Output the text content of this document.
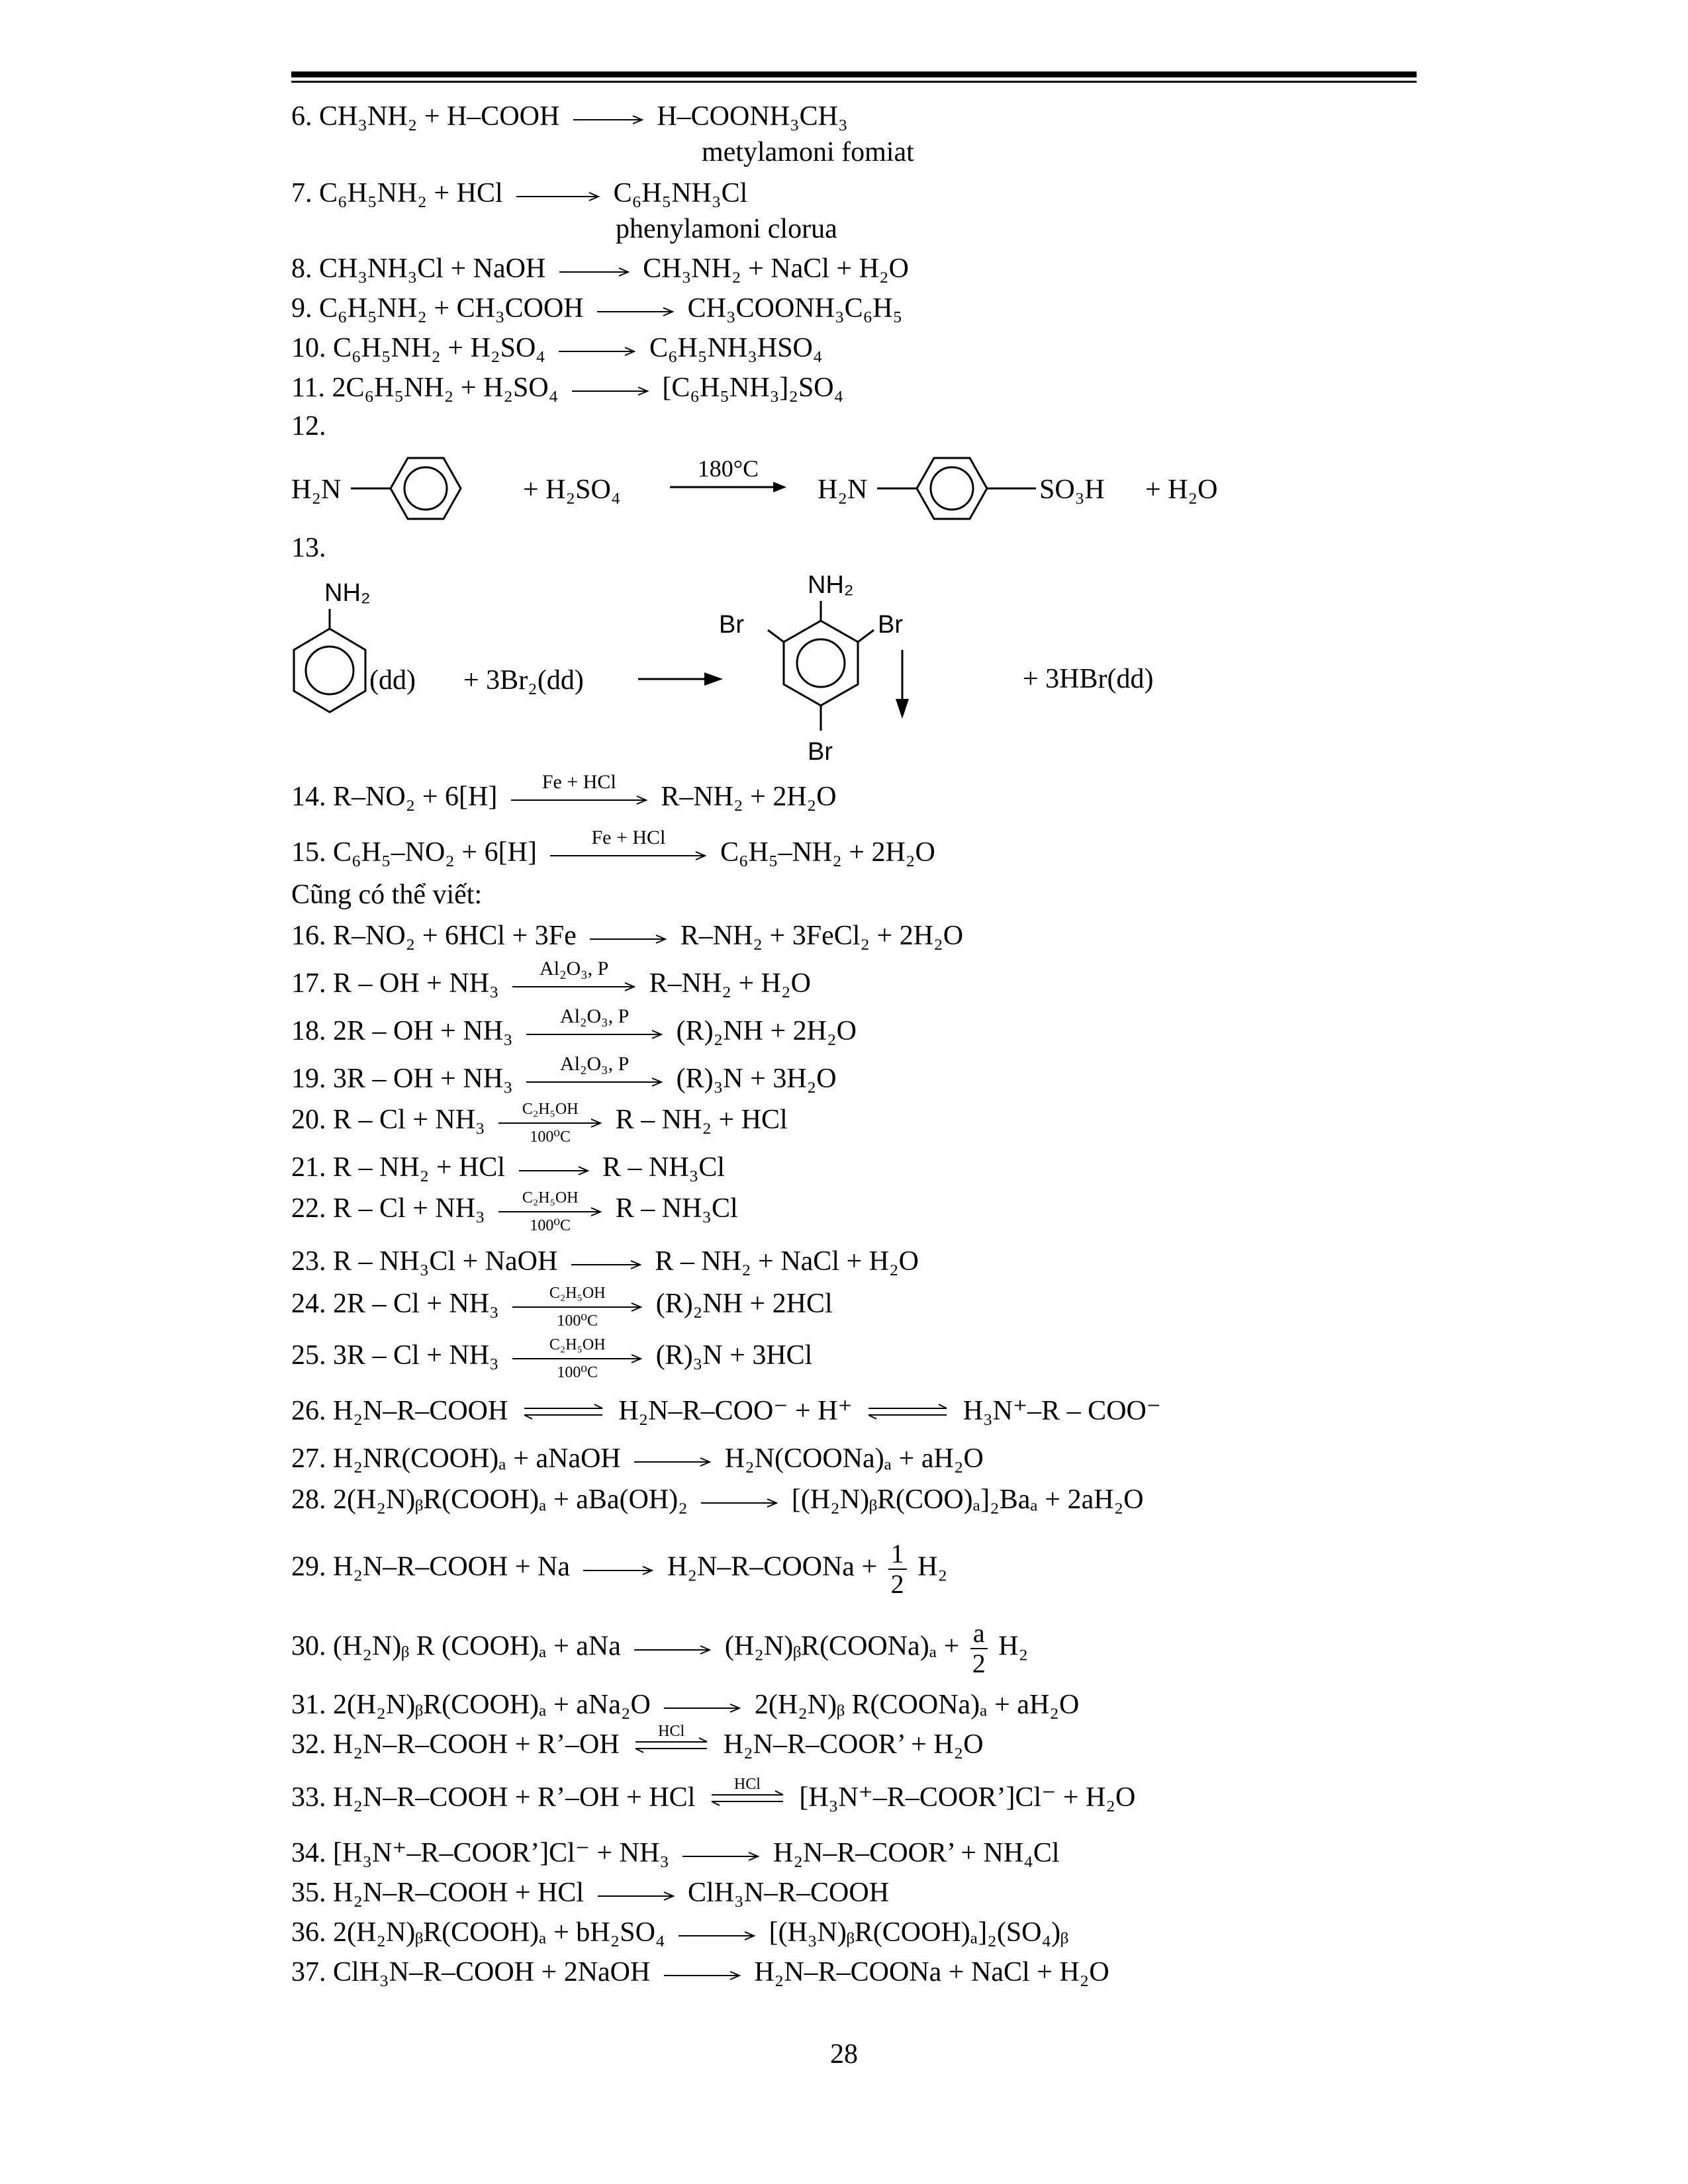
6. CH₃NH₂ + H–COOH → H–COONH₃CH₃
metylamoni fomiat
7. C₆H₅NH₂ + HCl → C₆H₅NH₃Cl
phenylamoni clorua
8. CH₃NH₃Cl + NaOH → CH₃NH₂ + NaCl + H₂O
9. C₆H₅NH₂ + CH₃COOH → CH₃COONH₃C₆H₅
10. C₆H₅NH₂ + H₂SO₄ → C₆H₅NH₃HSO₄
11. 2C₆H₅NH₂ + H₂SO₄ → [C₆H₅NH₃]₂SO₄
12.
H₂N	+ H₂SO₄
180°C
H₂N	SO₃H + H₂O
13.
NH₂
(dd) + 3Br₂(dd)
NH₂
Br	Br
Br
+ 3HBr(dd)
14. R–NO₂ + 6[H]	Fe + HCl	R–NH₂ + 2H₂O
15. C₆H₅–NO₂ + 6[H]	Fe + HCl	C₆H₅–NH₂ + 2H₂O
Cũng có thể viết:
16. R–NO₂ + 6HCl + 3Fe → R–NH₂ + 3FeCl₂ + 2H₂O
17. R – OH + NH₃	Al₂O₃, P	R–NH₂ + H₂O
18. 2R – OH + NH₃	Al₂O₃, P	(R)₂NH + 2H₂O
19. 3R – OH + NH₃	Al₂O₃, P	(R)₃N + 3H₂O
20. R – Cl + NH₃	C₂H₅OH
100⁰C
R – NH₂ + HCl
21. R – NH₂ + HCl → R – NH₃Cl
22. R – Cl + NH₃	C₂H₅OH
100⁰C
R – NH₃Cl
23. R – NH₃Cl + NaOH → R – NH₂ + NaCl + H₂O
24. 2R – Cl + NH₃	C₂H₅OH
100⁰C
(R)₂NH + 2HCl
25. 3R – Cl + NH₃	C₂H₅OH
100⁰C
(R)₃N + 3HCl
26. H₂N–R–COOH ⇌ H₂N–R–COO⁻ + H⁺ ⇌ H₃N⁺–R – COO⁻
27. H₂NR(COOH)ₐ + aNaOH → H₂N(COONa)ₐ + aH₂O
28. 2(H₂N)ᵦR(COOH)ₐ + aBa(OH)₂ → [(H₂N)ᵦR(COO)ₐ]₂Baₐ + 2aH₂O
29. H₂N–R–COOH + Na → H₂N–R–COONa + $\frac{1}{2} H_2$
30. (H₂N)ᵦ R (COOH)ₐ + aNa → (H₂N)ᵦR(COONa)ₐ + $\frac{a}{2} H_2$
31. 2(H₂N)ᵦR(COOH)ₐ + aNa₂O → 2(H₂N)ᵦ R(COONa)ₐ + aH₂O
32. H₂N–R–COOH + R’–OH	HCl	H₂N–R–COOR’ + H₂O
33. H₂N–R–COOH + R’–OH + HCl	HCl	[H₃N⁺–R–COOR’]Cl⁻ + H₂O
34. [H₃N⁺–R–COOR’]Cl⁻ + NH₃ → H₂N–R–COOR’ + NH₄Cl
35. H₂N–R–COOH + HCl → ClH₃N–R–COOH
36. 2(H₂N)ᵦR(COOH)ₐ + bH₂SO₄ → [(H₃N)ᵦR(COOH)ₐ]₂(SO₄)ᵦ
37. ClH₃N–R–COOH + 2NaOH → H₂N–R–COONa + NaCl + H₂O
28
